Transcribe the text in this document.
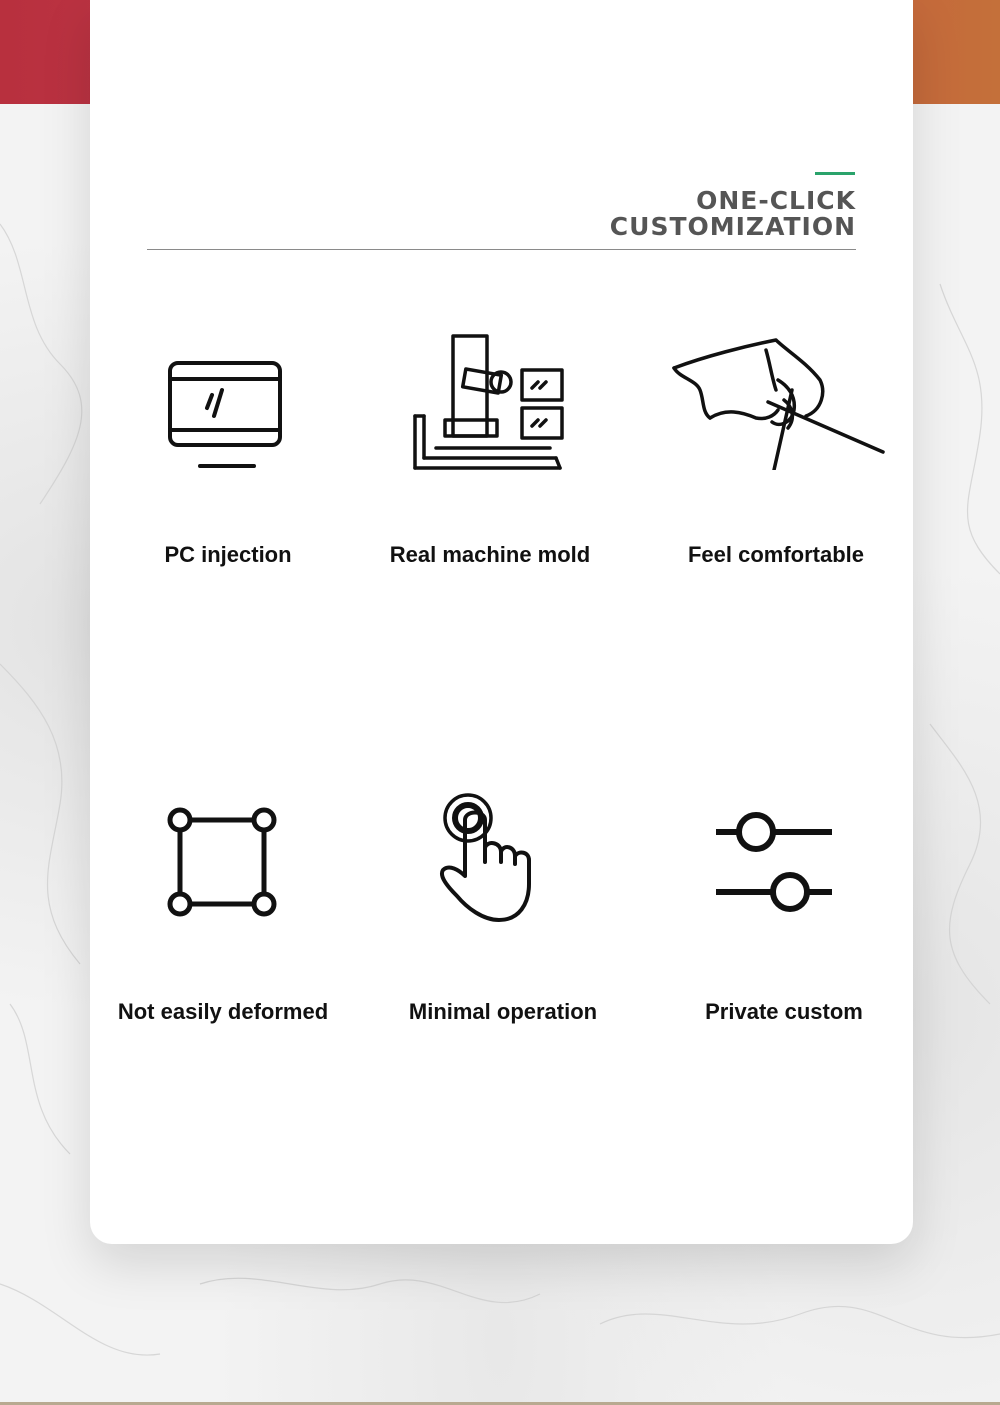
ONE-CLICK
CUSTOMIZATION
PC injection	Real machine mold	Feel comfortable
Not easily deformed	Minimal operation	Private custom
